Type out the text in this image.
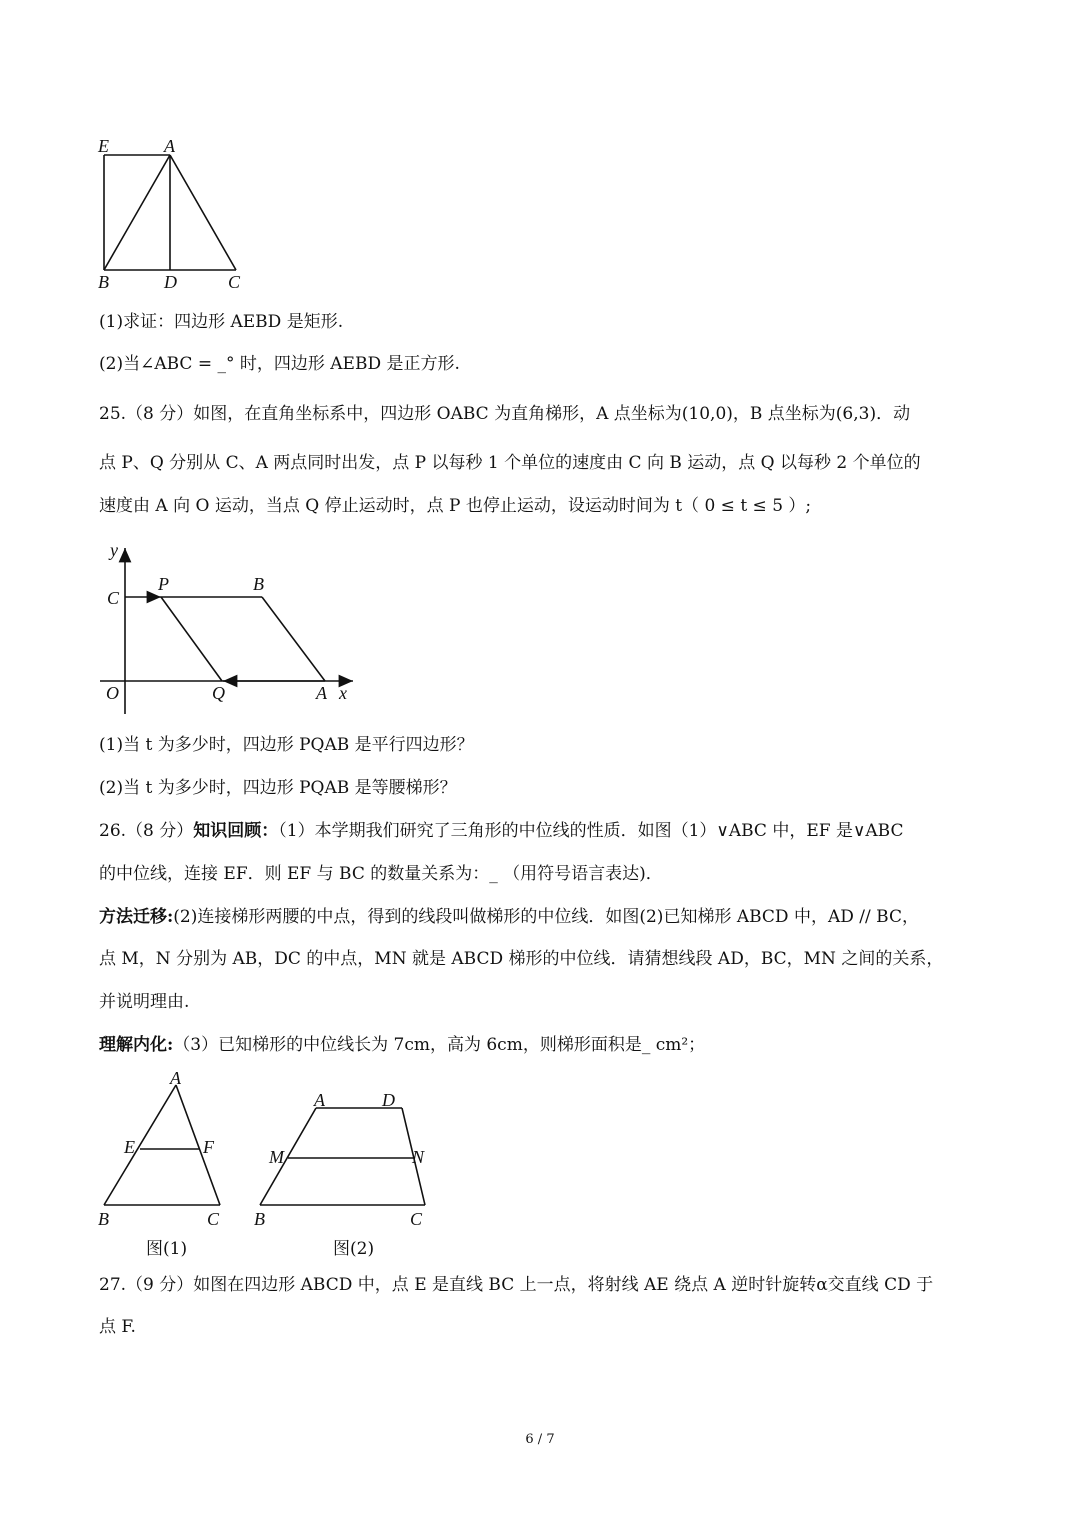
E	A
B	D	C
(1)求证：四边形 AEBD 是矩形.
(2)当∠ABC = _° 时，四边形 AEBD 是正方形.
25.（8 分）如图，在直角坐标系中，四边形 OABC 为直角梯形，A 点坐标为(10,0)，B 点坐标为(6,3)．动
点 P、Q 分别从 C、A 两点同时出发，点 P 以每秒 1 个单位的速度由 C 向 B 运动，点 Q 以每秒 2 个单位的
速度由 A 向 O 运动，当点 Q 停止运动时，点 P 也停止运动，设运动时间为 t（ 0 ≤ t ≤ 5 ）;
y
C
P	B
O	Q	A x
(1)当 t 为多少时，四边形 PQAB 是平行四边形？
(2)当 t 为多少时，四边形 PQAB 是等腰梯形？
26.（8 分）知识回顾：（1）本学期我们研究了三角形的中位线的性质．如图（1）∨ABC 中，EF 是∨ABC
的中位线，连接 EF．则 EF 与 BC 的数量关系为：_ （用符号语言表达)．
方法迁移:(2)连接梯形两腰的中点，得到的线段叫做梯形的中位线．如图(2)已知梯形 ABCD 中，AD // BC，
点 M，N 分别为 AB，DC 的中点，MN 就是 ABCD 梯形的中位线．请猜想线段 AD，BC，MN 之间的关系，
并说明理由.
理解内化:（3）已知梯形的中位线长为 7cm，高为 6cm，则梯形面积是_ cm²；
A
E	F
B	C
A	D
M	N
B	C
图(1)	图(2)
27.（9 分）如图在四边形 ABCD 中，点 E 是直线 BC 上一点，将射线 AE 绕点 A 逆时针旋转α交直线 CD 于
点 F.
6 / 7
